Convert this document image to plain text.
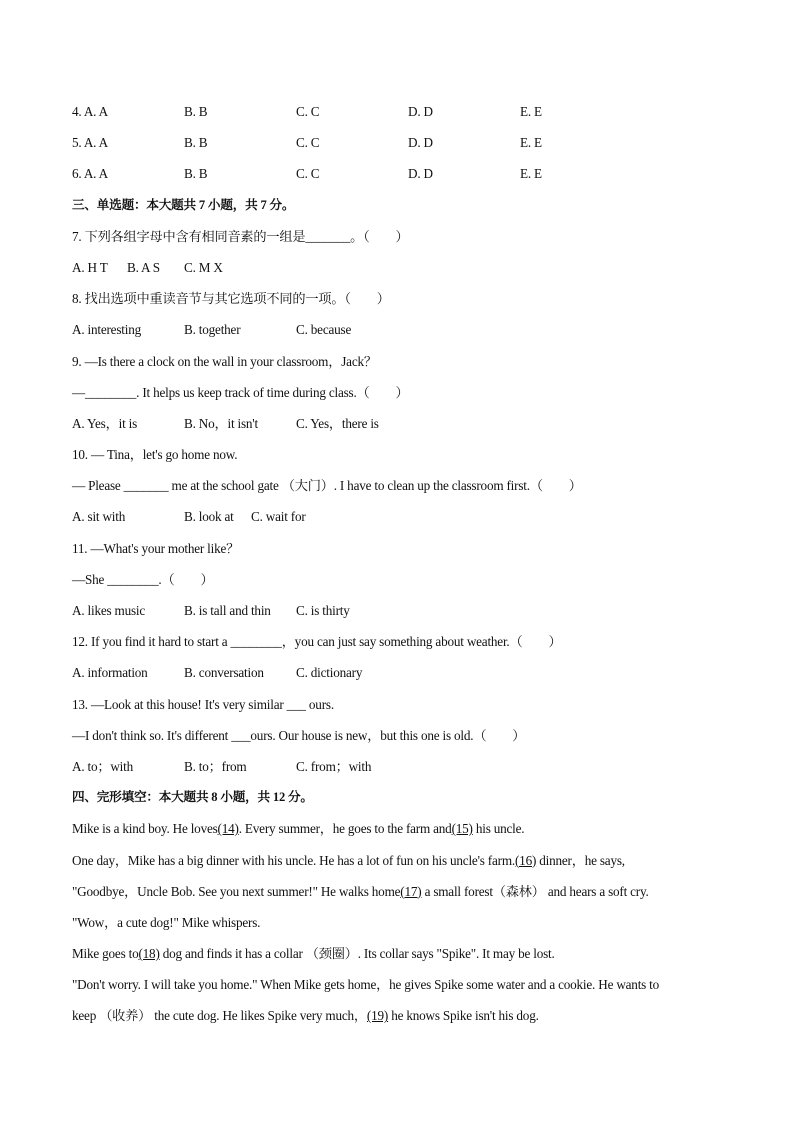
4. A. A	B. B	C. C	D. D	E. E
5. A. A	B. B	C. C	D. D	E. E
6. A. A	B. B	C. C	D. D	E. E
三、单选题：本大题共 7 小题，共 7 分。
7. 下列各组字母中含有相同音素的一组是_______。（　　）
A. H T B. A S C. M X
8. 找出选项中重读音节与其它选项不同的一项。（　　）
A. interesting	B. together	C. because
9. —Is there a clock on the wall in your classroom，Jack？
—________. It helps us keep track of time during class.（　　）
A. Yes，it is	B. No，it isn't	C. Yes，there is
10. — Tina，let's go home now.
— Please _______ me at the school gate （大门）. I have to clean up the classroom first.（　　）
A. sit with	B. look at C. wait for
11. —What's your mother like？
—She ________.（　　）
A. likes music	B. is tall and thin C. is thirty
12. If you find it hard to start a ________，you can just say something about weather.（　　）
A. information	B. conversation C. dictionary
13. —Look at this house! It's very similar ___ ours.
—I don't think so. It's different ___ours. Our house is new，but this one is old.（　　）
A. to；with	B. to；from	C. from；with
四、完形填空：本大题共 8 小题，共 12 分。
Mike is a kind boy. He loves(14). Every summer，he goes to the farm and(15) his uncle.
One day，Mike has a big dinner with his uncle. He has a lot of fun on his uncle's farm.(16) dinner，he says,
"Goodbye，Uncle Bob. See you next summer!" He walks home(17) a small forest（森林） and hears a soft cry.
"Wow，a cute dog!" Mike whispers.
Mike goes to(18) dog and finds it has a collar （颈圈）. Its collar says "Spike". It may be lost.
"Don't worry. I will take you home." When Mike gets home，he gives Spike some water and a cookie. He wants to
keep （收养） the cute dog. He likes Spike very much，(19) he knows Spike isn't his dog.
